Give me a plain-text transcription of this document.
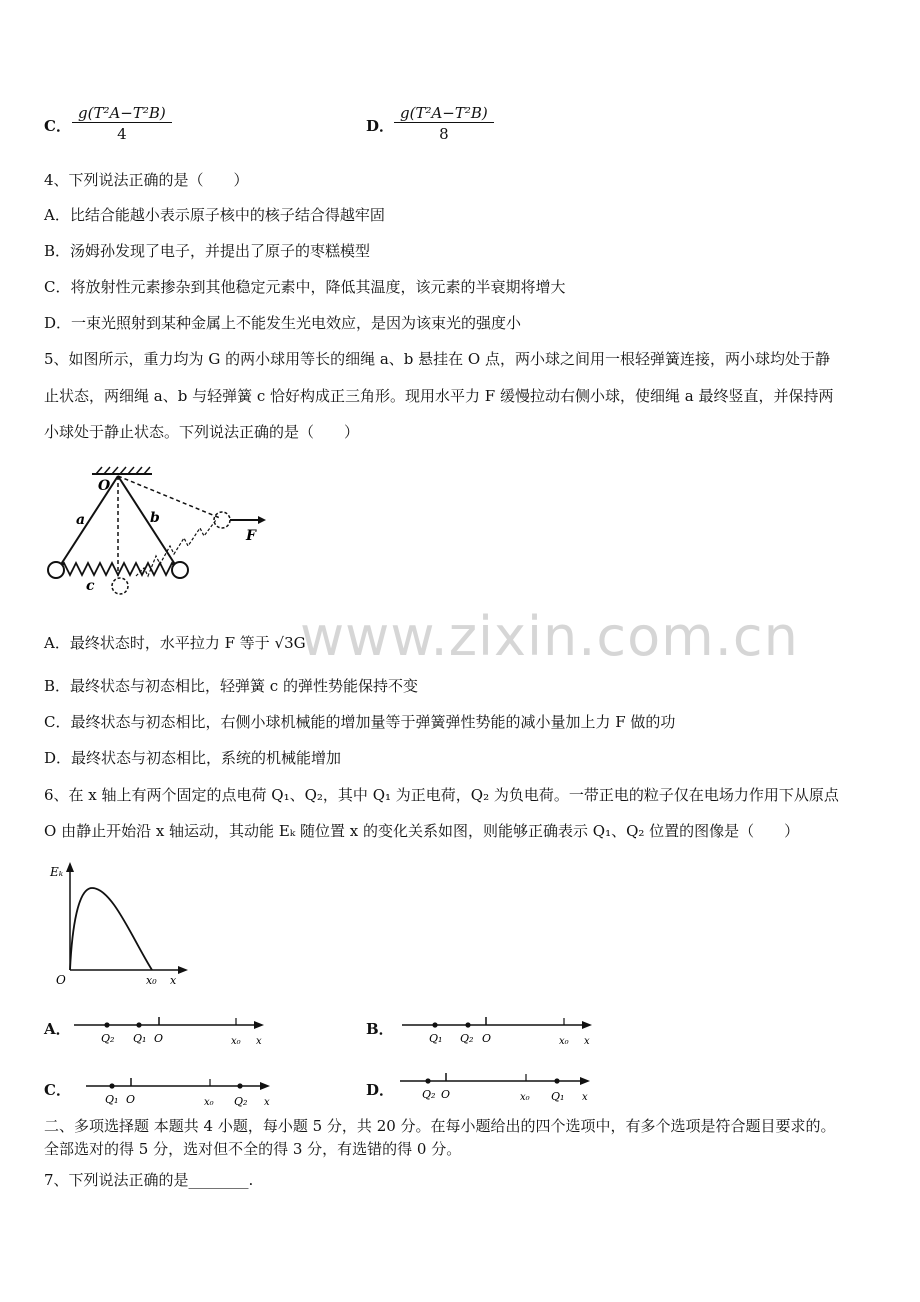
C． $\frac{\text{g(T²A−T²B)}}{4}$	D． $\frac{\text{g(T²A−T²B)}}{8}$
4、下列说法正确的是（　　）
A．比结合能越小表示原子核中的核子结合得越牢固
B．汤姆孙发现了电子，并提出了原子的枣糕模型
C．将放射性元素掺杂到其他稳定元素中，降低其温度，该元素的半衰期将增大
D．一束光照射到某种金属上不能发生光电效应，是因为该束光的强度小
5、如图所示，重力均为 G 的两小球用等长的细绳 a、b 悬挂在 O 点，两小球之间用一根轻弹簧连接，两小球均处于静
止状态，两细绳 a、b 与轻弹簧 c 恰好构成正三角形。现用水平力 F 缓慢拉动右侧小球，使细绳 a 最终竖直，并保持两
小球处于静止状态。下列说法正确的是（　　）
O
a	b
c
F
www.zixin.com.cn
A．最终状态时，水平拉力 F 等于 √3G
B．最终状态与初态相比，轻弹簧 c 的弹性势能保持不变
C．最终状态与初态相比，右侧小球机械能的增加量等于弹簧弹性势能的减小量加上力 F 做的功
D．最终状态与初态相比，系统的机械能增加
6、在 x 轴上有两个固定的点电荷 Q₁、Q₂，其中 Q₁ 为正电荷，Q₂ 为负电荷。一带正电的粒子仅在电场力作用下从原点
O 由静止开始沿 x 轴运动，其动能 Eₖ 随位置 x 的变化关系如图，则能够正确表示 Q₁、Q₂ 位置的图像是（　　）
Eₖ
O	x₀ x
A．
Q₂ Q₁ O	x₀ x
B．
Q₁ Q₂ O	x₀ x
C．
Q₁ O	x₀ Q₂ x
D．	Q₂ O	x₀ Q₁ x
二、多项选择题 本题共 4 小题，每小题 5 分，共 20 分。在每小题给出的四个选项中，有多个选项是符合题目要求的。
全部选对的得 5 分，选对但不全的得 3 分，有选错的得 0 分。
7、下列说法正确的是________.
